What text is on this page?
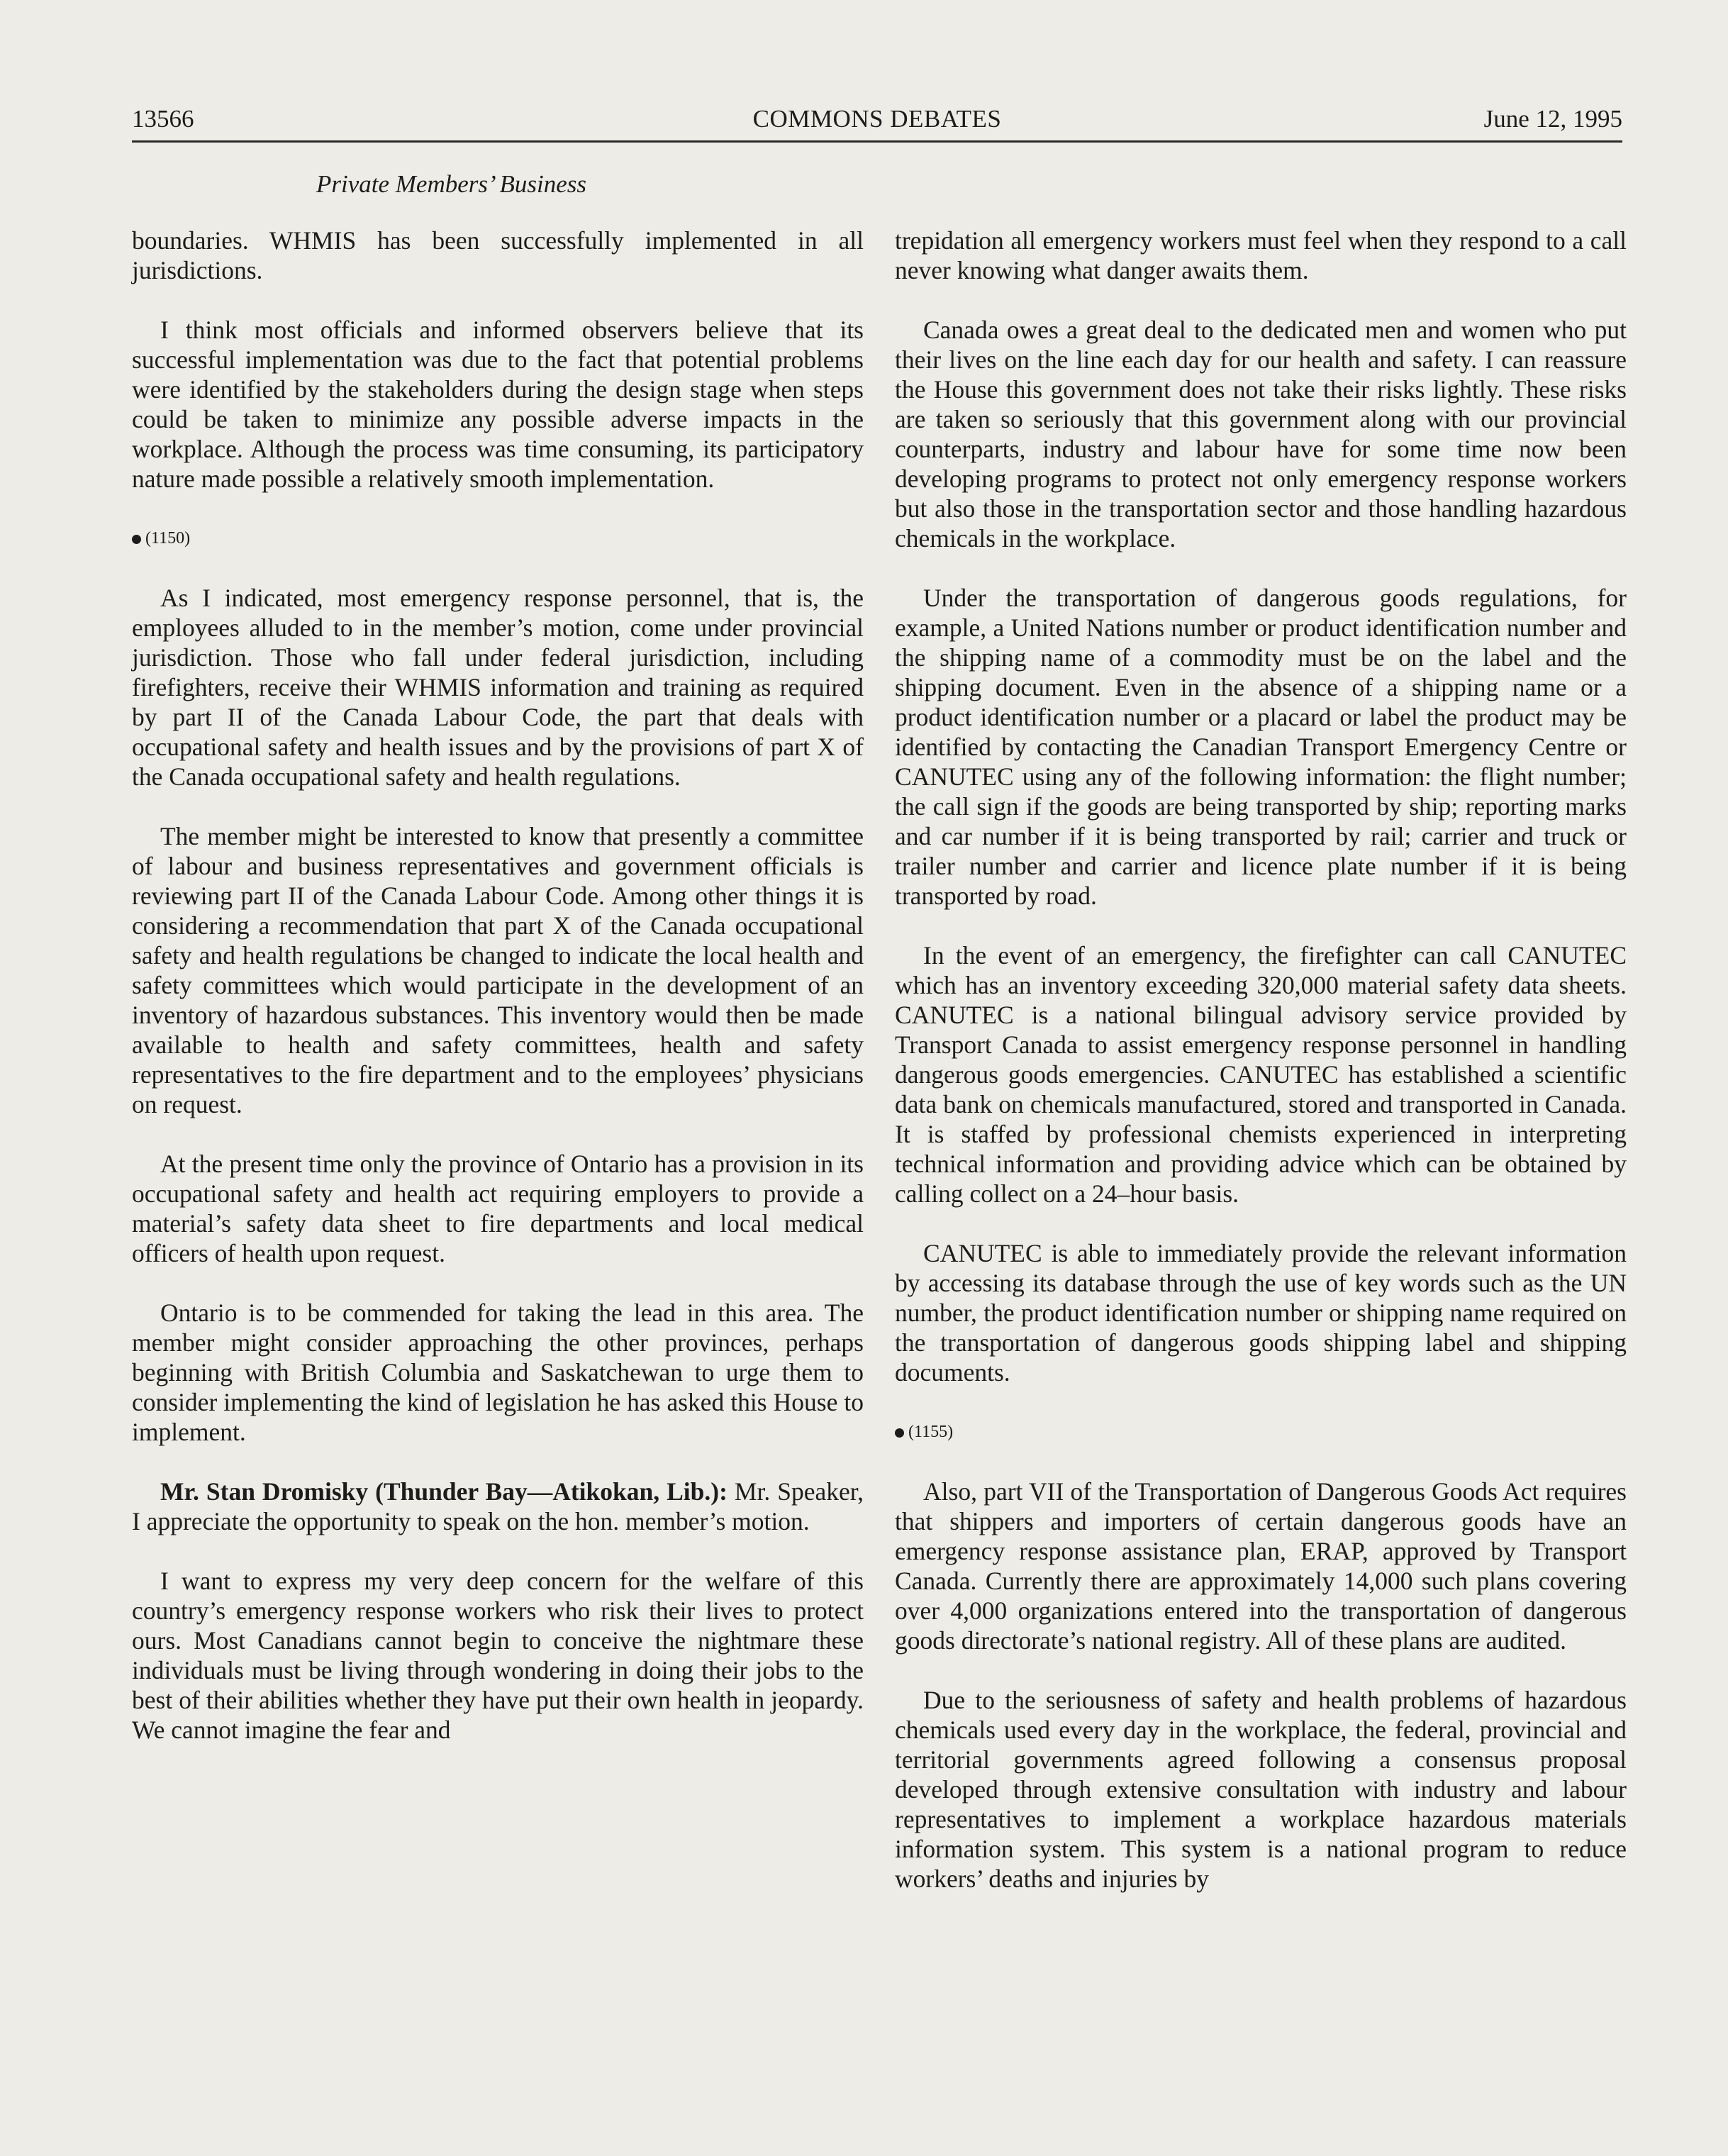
13566	COMMONS DEBATES	June 12, 1995
Private Members’ Business

boundaries. WHMIS has been successfully implemented in all jurisdictions.

I think most officials and informed observers believe that its successful implementation was due to the fact that potential problems were identified by the stakeholders during the design stage when steps could be taken to minimize any possible adverse impacts in the workplace. Although the process was time consuming, its participatory nature made possible a relatively smooth implementation.

(1150)

As I indicated, most emergency response personnel, that is, the employees alluded to in the member’s motion, come under provincial jurisdiction. Those who fall under federal jurisdiction, including firefighters, receive their WHMIS information and training as required by part II of the Canada Labour Code, the part that deals with occupational safety and health issues and by the provisions of part X of the Canada occupational safety and health regulations.

The member might be interested to know that presently a committee of labour and business representatives and government officials is reviewing part II of the Canada Labour Code. Among other things it is considering a recommendation that part X of the Canada occupational safety and health regulations be changed to indicate the local health and safety committees which would participate in the development of an inventory of hazardous substances. This inventory would then be made available to health and safety committees, health and safety representatives to the fire department and to the employees’ physicians on request.

At the present time only the province of Ontario has a provision in its occupational safety and health act requiring employers to provide a material’s safety data sheet to fire departments and local medical officers of health upon request.

Ontario is to be commended for taking the lead in this area. The member might consider approaching the other provinces, perhaps beginning with British Columbia and Saskatchewan to urge them to consider implementing the kind of legislation he has asked this House to implement.

Mr. Stan Dromisky (Thunder Bay—Atikokan, Lib.): Mr. Speaker, I appreciate the opportunity to speak on the hon. member’s motion.

I want to express my very deep concern for the welfare of this country’s emergency response workers who risk their lives to protect ours. Most Canadians cannot begin to conceive the nightmare these individuals must be living through wondering in doing their jobs to the best of their abilities whether they have put their own health in jeopardy. We cannot imagine the fear and

trepidation all emergency workers must feel when they respond to a call never knowing what danger awaits them.

Canada owes a great deal to the dedicated men and women who put their lives on the line each day for our health and safety. I can reassure the House this government does not take their risks lightly. These risks are taken so seriously that this government along with our provincial counterparts, industry and labour have for some time now been developing programs to protect not only emergency response workers but also those in the transportation sector and those handling hazardous chemicals in the workplace.

Under the transportation of dangerous goods regulations, for example, a United Nations number or product identification number and the shipping name of a commodity must be on the label and the shipping document. Even in the absence of a shipping name or a product identification number or a placard or label the product may be identified by contacting the Canadian Transport Emergency Centre or CANUTEC using any of the following information: the flight number; the call sign if the goods are being transported by ship; reporting marks and car number if it is being transported by rail; carrier and truck or trailer number and carrier and licence plate number if it is being transported by road.

In the event of an emergency, the firefighter can call CANUTEC which has an inventory exceeding 320,000 material safety data sheets. CANUTEC is a national bilingual advisory service provided by Transport Canada to assist emergency response personnel in handling dangerous goods emergencies. CANUTEC has established a scientific data bank on chemicals manufactured, stored and transported in Canada. It is staffed by professional chemists experienced in interpreting technical information and providing advice which can be obtained by calling collect on a 24–hour basis.

CANUTEC is able to immediately provide the relevant information by accessing its database through the use of key words such as the UN number, the product identification number or shipping name required on the transportation of dangerous goods shipping label and shipping documents.

(1155)

Also, part VII of the Transportation of Dangerous Goods Act requires that shippers and importers of certain dangerous goods have an emergency response assistance plan, ERAP, approved by Transport Canada. Currently there are approximately 14,000 such plans covering over 4,000 organizations entered into the transportation of dangerous goods directorate’s national registry. All of these plans are audited.

Due to the seriousness of safety and health problems of hazardous chemicals used every day in the workplace, the federal, provincial and territorial governments agreed following a consensus proposal developed through extensive consultation with industry and labour representatives to implement a workplace hazardous materials information system. This system is a national program to reduce workers’ deaths and injuries by
